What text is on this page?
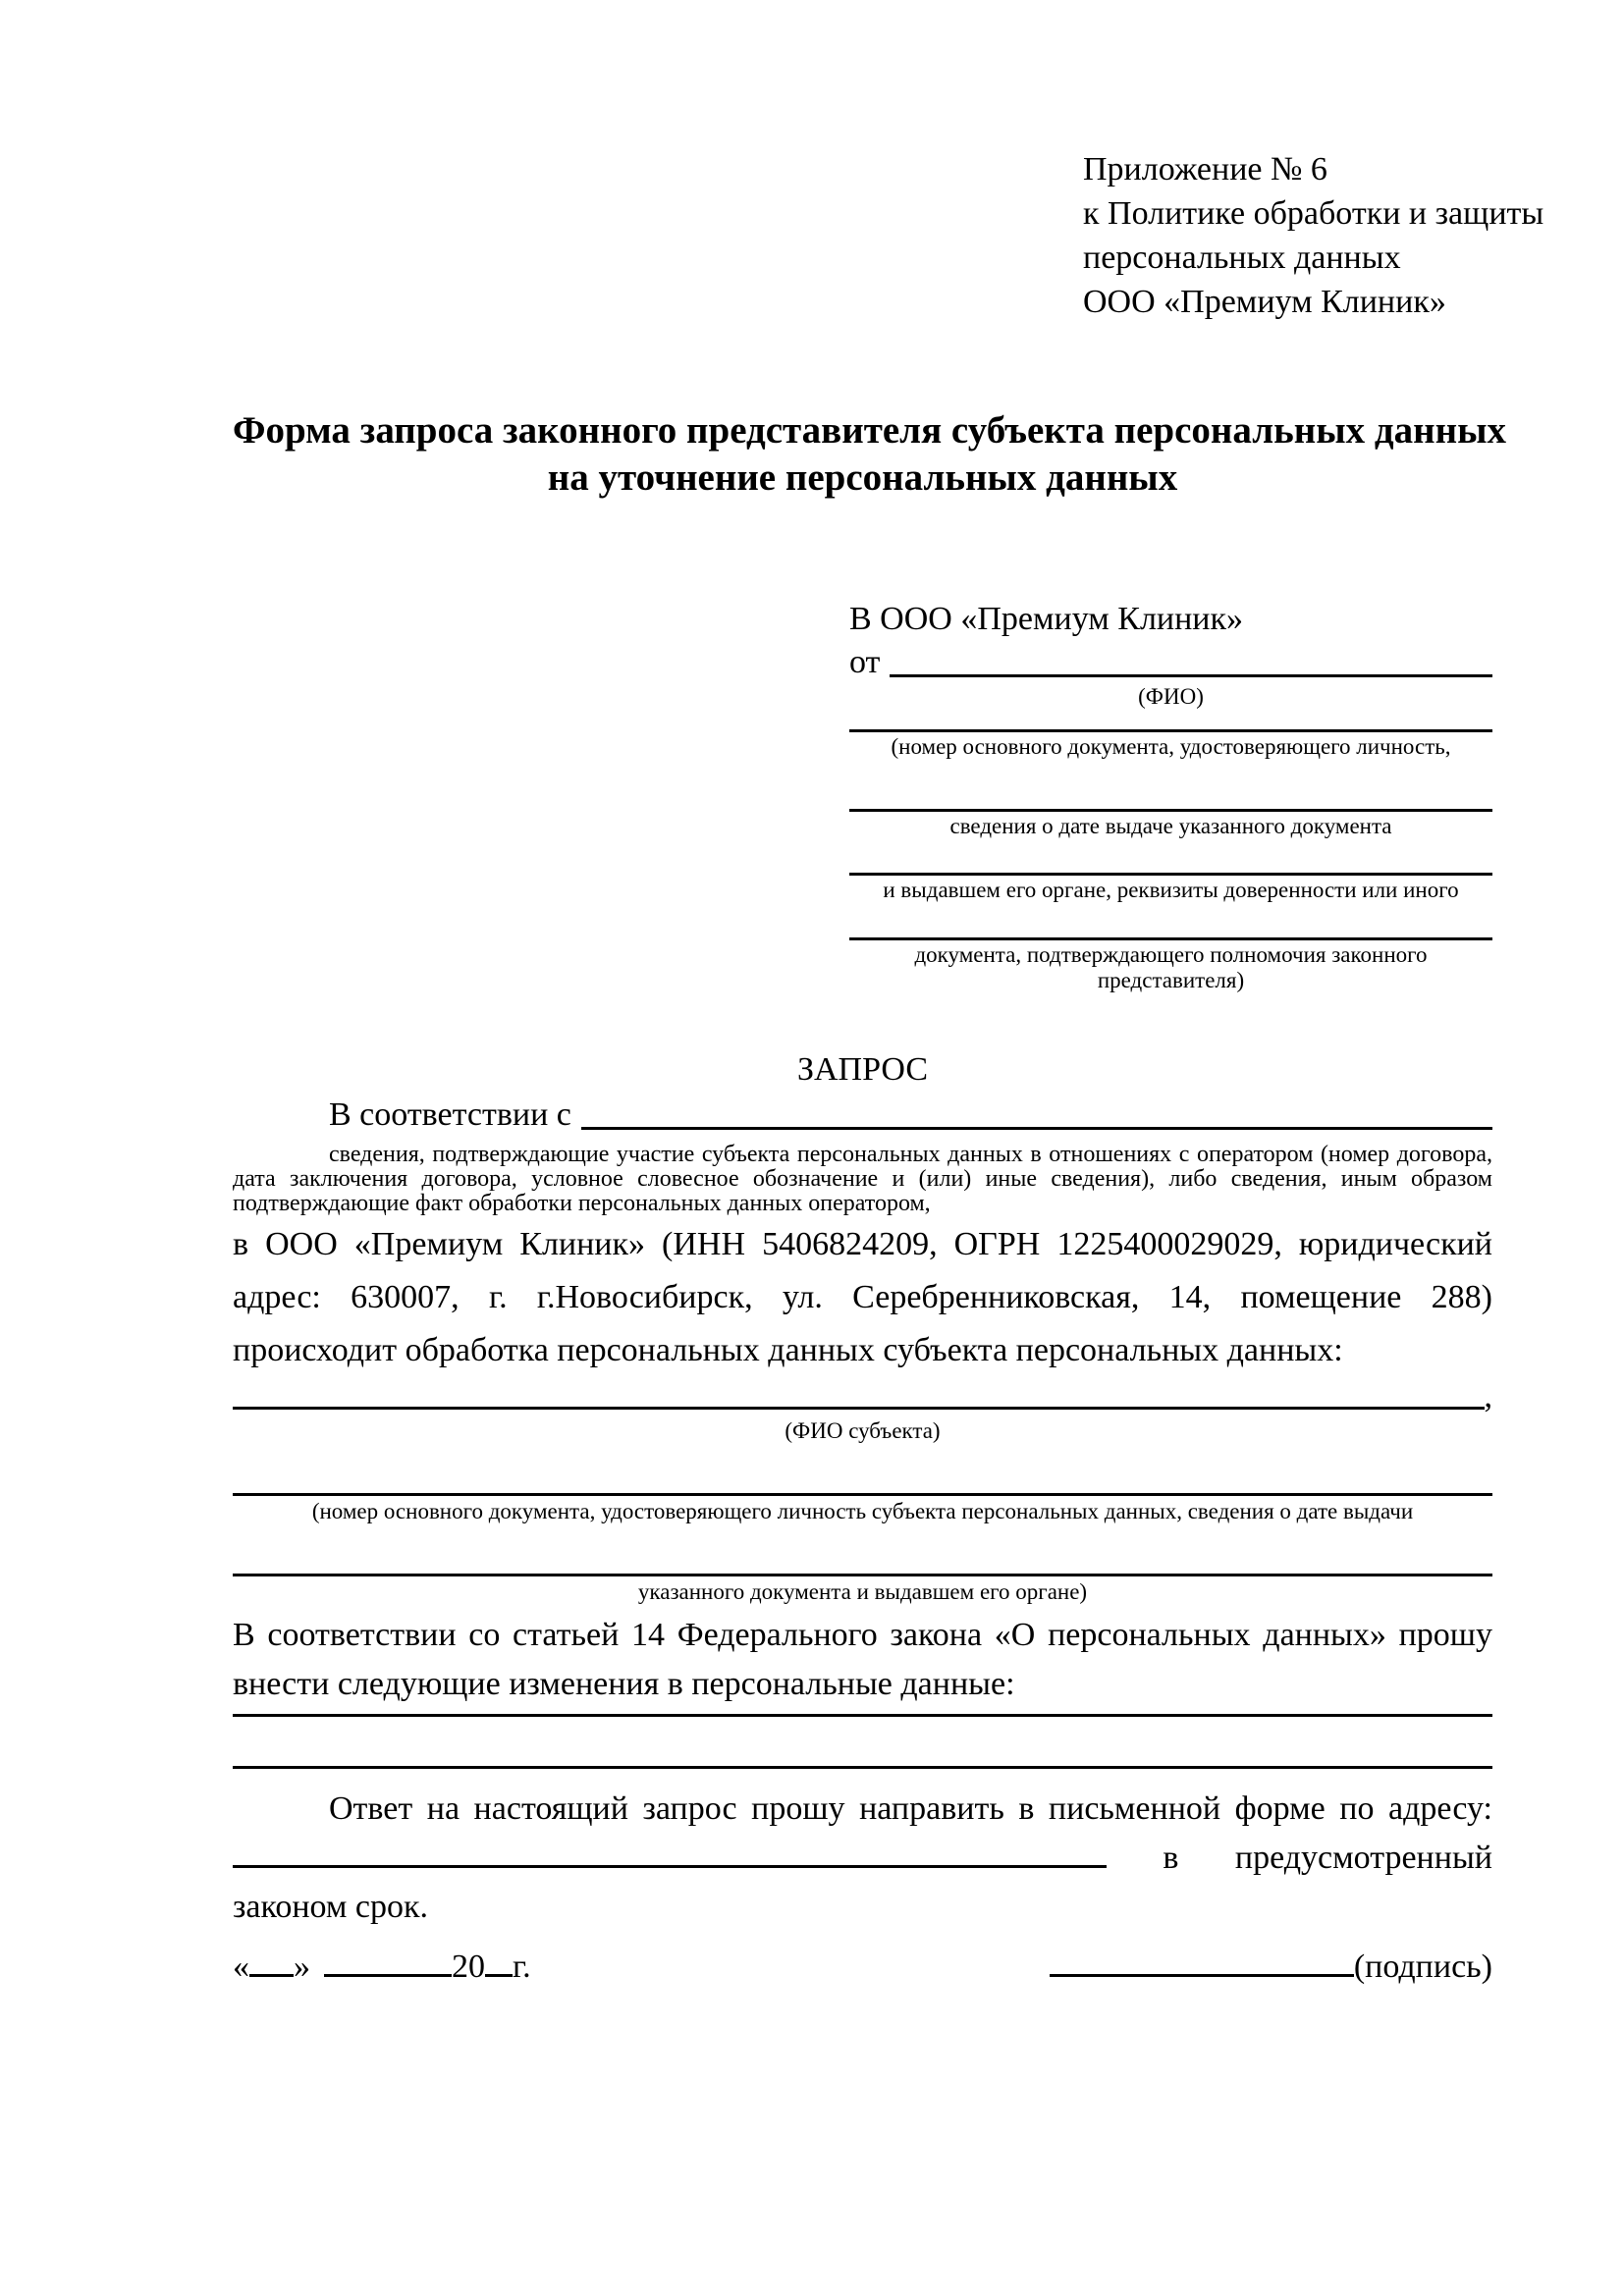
Приложение № 6
к Политике обработки и защиты
персональных данных
ООО «Премиум Клиник»
Форма запроса законного представителя субъекта персональных данных
на уточнение персональных данных
В ООО «Премиум Клиник»
от
(ФИО)
(номер основного документа, удостоверяющего личность,
сведения о дате выдаче указанного документа
и выдавшем его органе, реквизиты доверенности или иного
документа, подтверждающего полномочия законного представителя)
ЗАПРОС
В соответствии с

сведения, подтверждающие участие субъекта персональных данных в отношениях с оператором (номер договора, дата заключения договора, условное словесное обозначение и (или) иные сведения), либо сведения, иным образом подтверждающие факт обработки персональных данных оператором,

в ООО «Премиум Клиник» (ИНН 5406824209, ОГРН 1225400029029, юридический адрес: 630007, г. г.Новосибирск, ул. Серебренниковская, 14, помещение 288) происходит обработка персональных данных субъекта персональных данных:

,
(ФИО субъекта)
(номер основного документа, удостоверяющего личность субъекта персональных данных, сведения о дате выдачи
указанного документа и выдавшем его органе)

В соответствии со статьей 14 Федерального закона «О персональных данных» прошу внести следующие изменения в персональные данные:

Ответ на настоящий запрос прошу направить в письменной форме по адресу:  в предусмотренный законом срок.

« »	20 г.	(подпись)
